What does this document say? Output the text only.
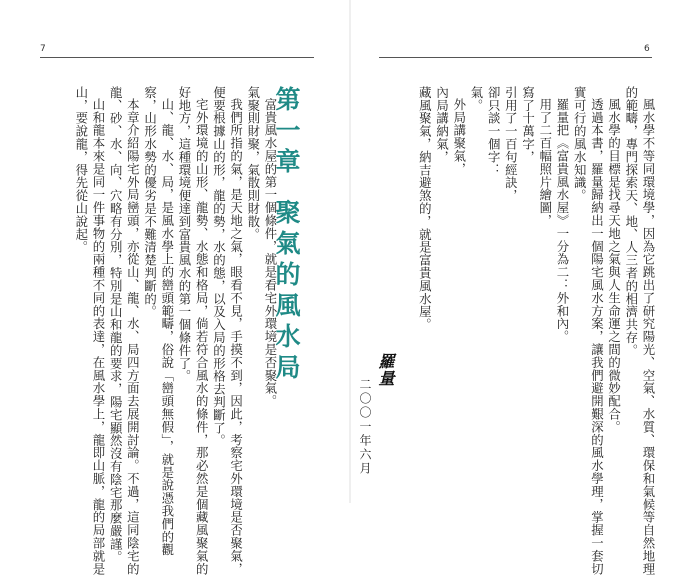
7
富貴風水屋的第一個條件，就是看宅外環境是否聚氣。
氣聚則財聚，氣散則財散。
我們所指的氣，是天地之氣，眼看不見，手摸不到，因此，考察宅外環境是否聚氣，
便要根據山的形，龍的勢，水的態，以及入局的形格去判斷了。
宅外環境的山形、龍勢、水態和格局，倘若符合風水的條件，那必然是個藏風聚氣的
好地方，這種環境便達到富貴風水的第一個條件了。
山、龍、水、局，是風水學上的巒頭範疇，俗說「巒頭無假」，就是說憑我們的觀
察，山形水勢的優劣是不難清楚判斷的。
本章介紹陽宅外局巒頭，亦從山、龍、水、局四方面去展開討論。不過，這同陰宅的
龍、砂、水、向、穴略有分別，特別是山和龍的要求，陽宅顯然沒有陰宅那麼嚴謹。
山和龍本來是同一件事物的兩種不同的表達，在風水學上，龍即山脈，龍的局部就是
山，要說龍，得先從山說起。	第一章聚氣的風水局
6
風水學不等同環境學，因為它跳出了研究陽光、空氣、水質、環保和氣候等自然地理
的範疇，專門探索天、地、人三者的相濟共存。
風水學的目標是找尋天地之氣與人生命運之間的微妙配合。
透過本書，羅量歸納出一個陽宅風水方案，讓我們避開艱深的風水學理，掌握一套切
實可行的風水知識。
羅量把《富貴風水屋》一分為二：外和內。
用了二百幅照片繪圖，
寫了十萬字，
引用了一百句經訣，
卻只談一個字：
氣。
外局講聚氣，
內局講納氣，
藏風聚氣，納吉避煞的，就是富貴風水屋。
羅量
二〇〇一年六月
